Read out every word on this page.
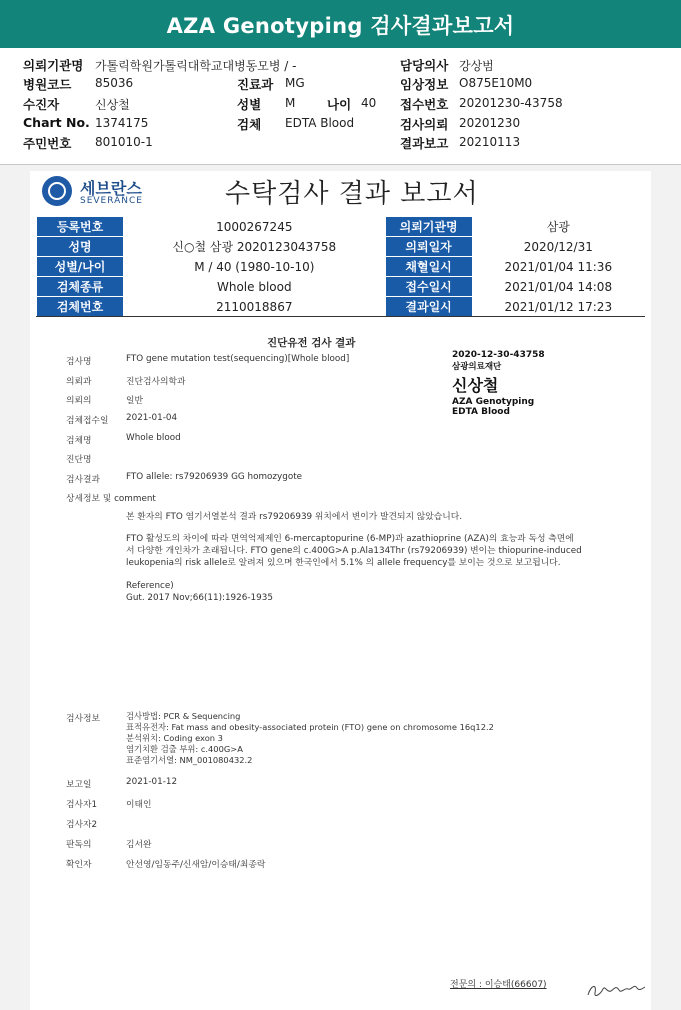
AZA Genotyping 검사결과보고서
의뢰기관명 가톨릭학원가톨릭대학교대병동모병 / -
병원코드 85036
수진자	신상철
Chart No. 1374175
주민번호 801010-1
진료과 MG
성별 M	나이 40
검체 EDTA Blood
담당의사 강상범
임상정보 O875E10M0
접수번호 20201230-43758
검사의뢰 20201230
결과보고 20210113
세브란스
SEVERANCE	수탁검사 결과 보고서
등록번호	1000267245	의뢰기관명	삼광
성명	신○철 삼광 2020123043758	의뢰일자	2020/12/31
성별/나이	M / 40 (1980-10-10)	채혈일시	2021/01/04 11:36
검체종류	Whole blood	접수일시	2021/01/04 14:08
검체번호	2110018867	결과일시	2021/01/12 17:23
진단유전 검사 결과
2020-12-30-43758
삼광의료재단
신상철
AZA Genotyping
EDTA Blood
검사명	FTO gene mutation test(sequencing)[Whole blood]
의뢰과	진단검사의학과
의뢰의	일반
검체접수일 2021-01-04
검체명	Whole blood
진단명
검사결과	FTO allele: rs79206939 GG homozygote
상세정보 및 comment
본 환자의 FTO 염기서열분석 결과 rs79206939 위치에서 변이가 발견되지 않았습니다.
FTO 활성도의 차이에 따라 면역억제제인 6-mercaptopurine (6-MP)과 azathioprine (AZA)의 효능과 독성 측면에
서 다양한 개인차가 초래됩니다. FTO gene의 c.400G>A p.Ala134Thr (rs79206939) 변이는 thiopurine-induced
leukopenia의 risk allele로 알려져 있으며 한국인에서 5.1% 의 allele frequency를 보이는 것으로 보고됩니다.
Reference)
Gut. 2017 Nov;66(11):1926-1935
검사정보	검사방법: PCR & Sequencing
표적유전자: Fat mass and obesity-associated protein (FTO) gene on chromosome 16q12.2
분석위치: Coding exon 3
염기치환 검출 부위: c.400G>A
표준염기서열: NM_001080432.2
보고일	2021-01-12
검사자1	이태인
검사자2
판독의	김서완
확인자	안선영/임동주/신새암/이승태/최종락
전문의 : 이승태(66607)
